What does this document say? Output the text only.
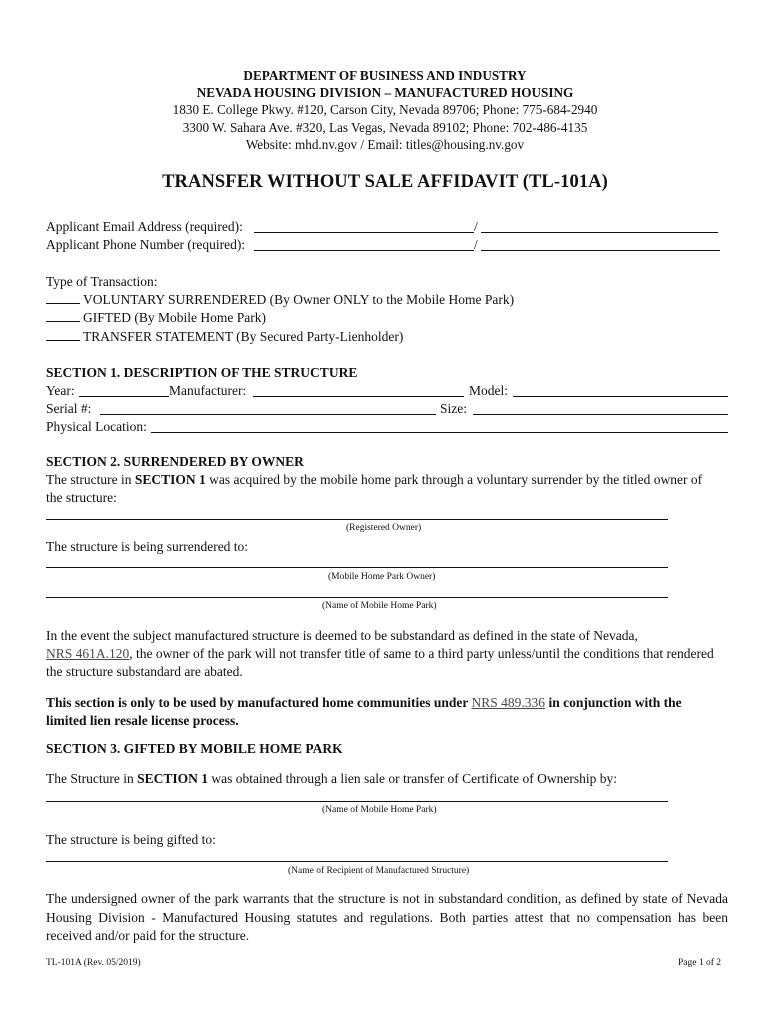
DEPARTMENT OF BUSINESS AND INDUSTRY
NEVADA HOUSING DIVISION – MANUFACTURED HOUSING
1830 E. College Pkwy. #120, Carson City, Nevada 89706; Phone: 775-684-2940
3300 W. Sahara Ave. #320, Las Vegas, Nevada 89102; Phone: 702-486-4135
Website: mhd.nv.gov / Email: titles@housing.nv.gov
TRANSFER WITHOUT SALE AFFIDAVIT (TL-101A)
Applicant Email Address (required):	/
Applicant Phone Number (required):	/
Type of Transaction:
VOLUNTARY SURRENDERED (By Owner ONLY to the Mobile Home Park)
GIFTED (By Mobile Home Park)
TRANSFER STATEMENT (By Secured Party-Lienholder)
SECTION 1. DESCRIPTION OF THE STRUCTURE
Year:	Manufacturer:	Model:
Serial #:	Size:
Physical Location:
SECTION 2. SURRENDERED BY OWNER
The structure in SECTION 1 was acquired by the mobile home park through a voluntary surrender by the titled owner of
the structure:
(Registered Owner)
The structure is being surrendered to:
(Mobile Home Park Owner)
(Name of Mobile Home Park)
In the event the subject manufactured structure is deemed to be substandard as defined in the state of Nevada,
NRS 461A.120, the owner of the park will not transfer title of same to a third party unless/until the conditions that rendered
the structure substandard are abated.
This section is only to be used by manufactured home communities under NRS 489.336 in conjunction with the
limited lien resale license process.
SECTION 3. GIFTED BY MOBILE HOME PARK
The Structure in SECTION 1 was obtained through a lien sale or transfer of Certificate of Ownership by:
(Name of Mobile Home Park)
The structure is being gifted to:
(Name of Recipient of Manufactured Structure)
The undersigned owner of the park warrants that the structure is not in substandard condition, as defined by state of Nevada Housing Division - Manufactured Housing statutes and regulations. Both parties attest that no compensation has been received and/or paid for the structure.
TL-101A (Rev. 05/2019)	Page 1 of 2
